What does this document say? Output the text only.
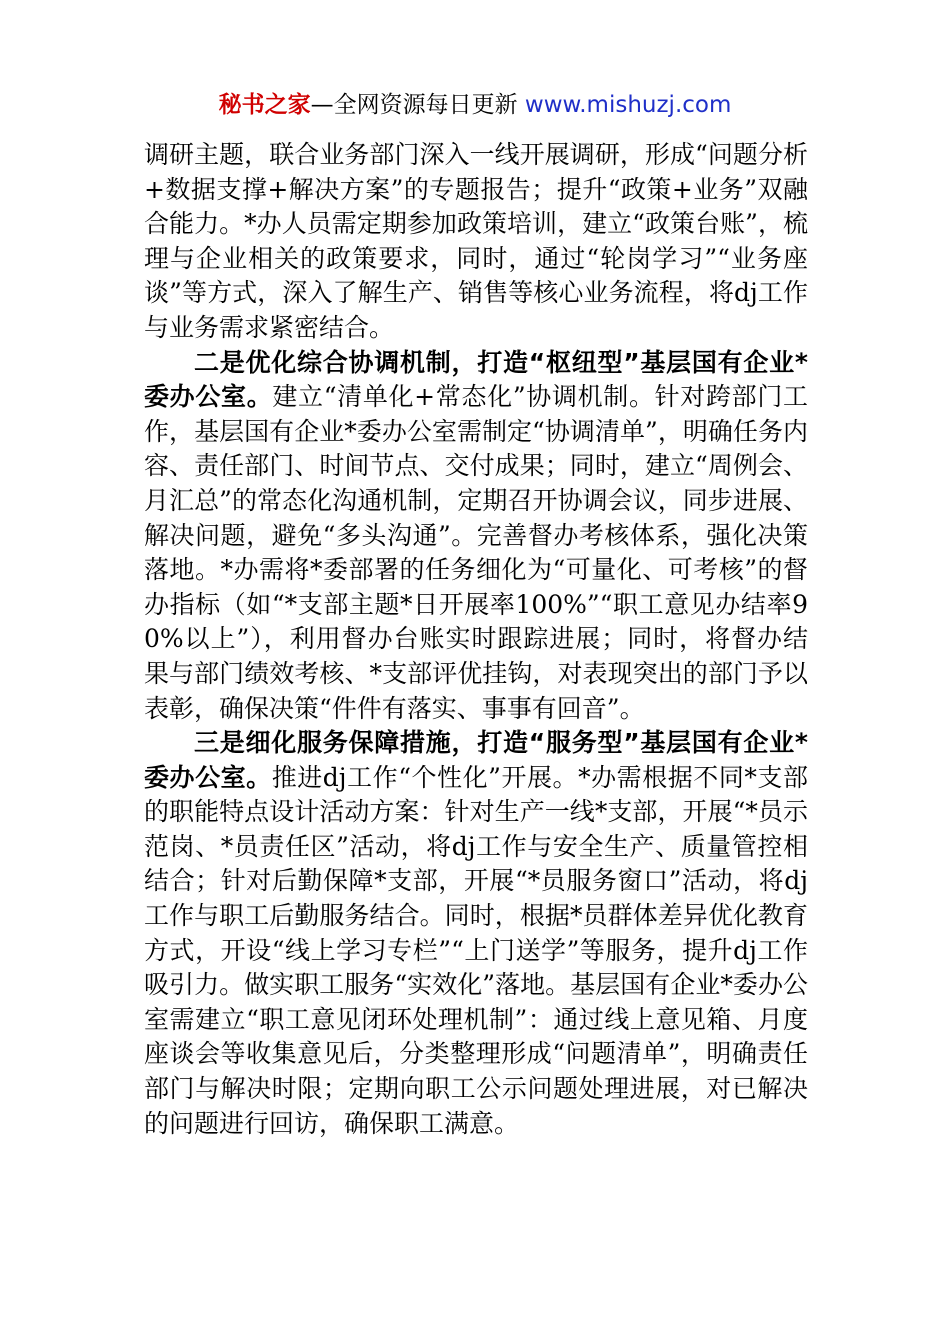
秘书之家—全网资源每日更新 www.mishuzj.com

调研主题，联合业务部门深入一线开展调研，形成“问题分析+数据支撑+解决方案”的专题报告；提升“政策+业务”双融合能力。*办人员需定期参加政策培训，建立“政策台账”，梳理与企业相关的政策要求，同时，通过“轮岗学习”“业务座谈”等方式，深入了解生产、销售等核心业务流程，将dj工作与业务需求紧密结合。

二是优化综合协调机制，打造“枢纽型”基层国有企业*委办公室。建立“清单化+常态化”协调机制。针对跨部门工作，基层国有企业*委办公室需制定“协调清单”，明确任务内容、责任部门、时间节点、交付成果；同时，建立“周例会、月汇总”的常态化沟通机制，定期召开协调会议，同步进展、解决问题，避免“多头沟通”。完善督办考核体系，强化决策落地。*办需将*委部署的任务细化为“可量化、可考核”的督办指标（如“*支部主题*日开展率100%”“职工意见办结率90%以上”），利用督办台账实时跟踪进展；同时，将督办结果与部门绩效考核、*支部评优挂钩，对表现突出的部门予以表彰，确保决策“件件有落实、事事有回音”。

三是细化服务保障措施，打造“服务型”基层国有企业*委办公室。推进dj工作“个性化”开展。*办需根据不同*支部的职能特点设计活动方案：针对生产一线*支部，开展“*员示范岗、*员责任区”活动，将dj工作与安全生产、质量管控相结合；针对后勤保障*支部，开展“*员服务窗口”活动，将dj工作与职工后勤服务结合。同时，根据*员群体差异优化教育方式，开设“线上学习专栏”“上门送学”等服务，提升dj工作吸引力。做实职工服务“实效化”落地。基层国有企业*委办公室需建立“职工意见闭环处理机制”：通过线上意见箱、月度座谈会等收集意见后，分类整理形成“问题清单”，明确责任部门与解决时限；定期向职工公示问题处理进展，对已解决的问题进行回访，确保职工满意。
